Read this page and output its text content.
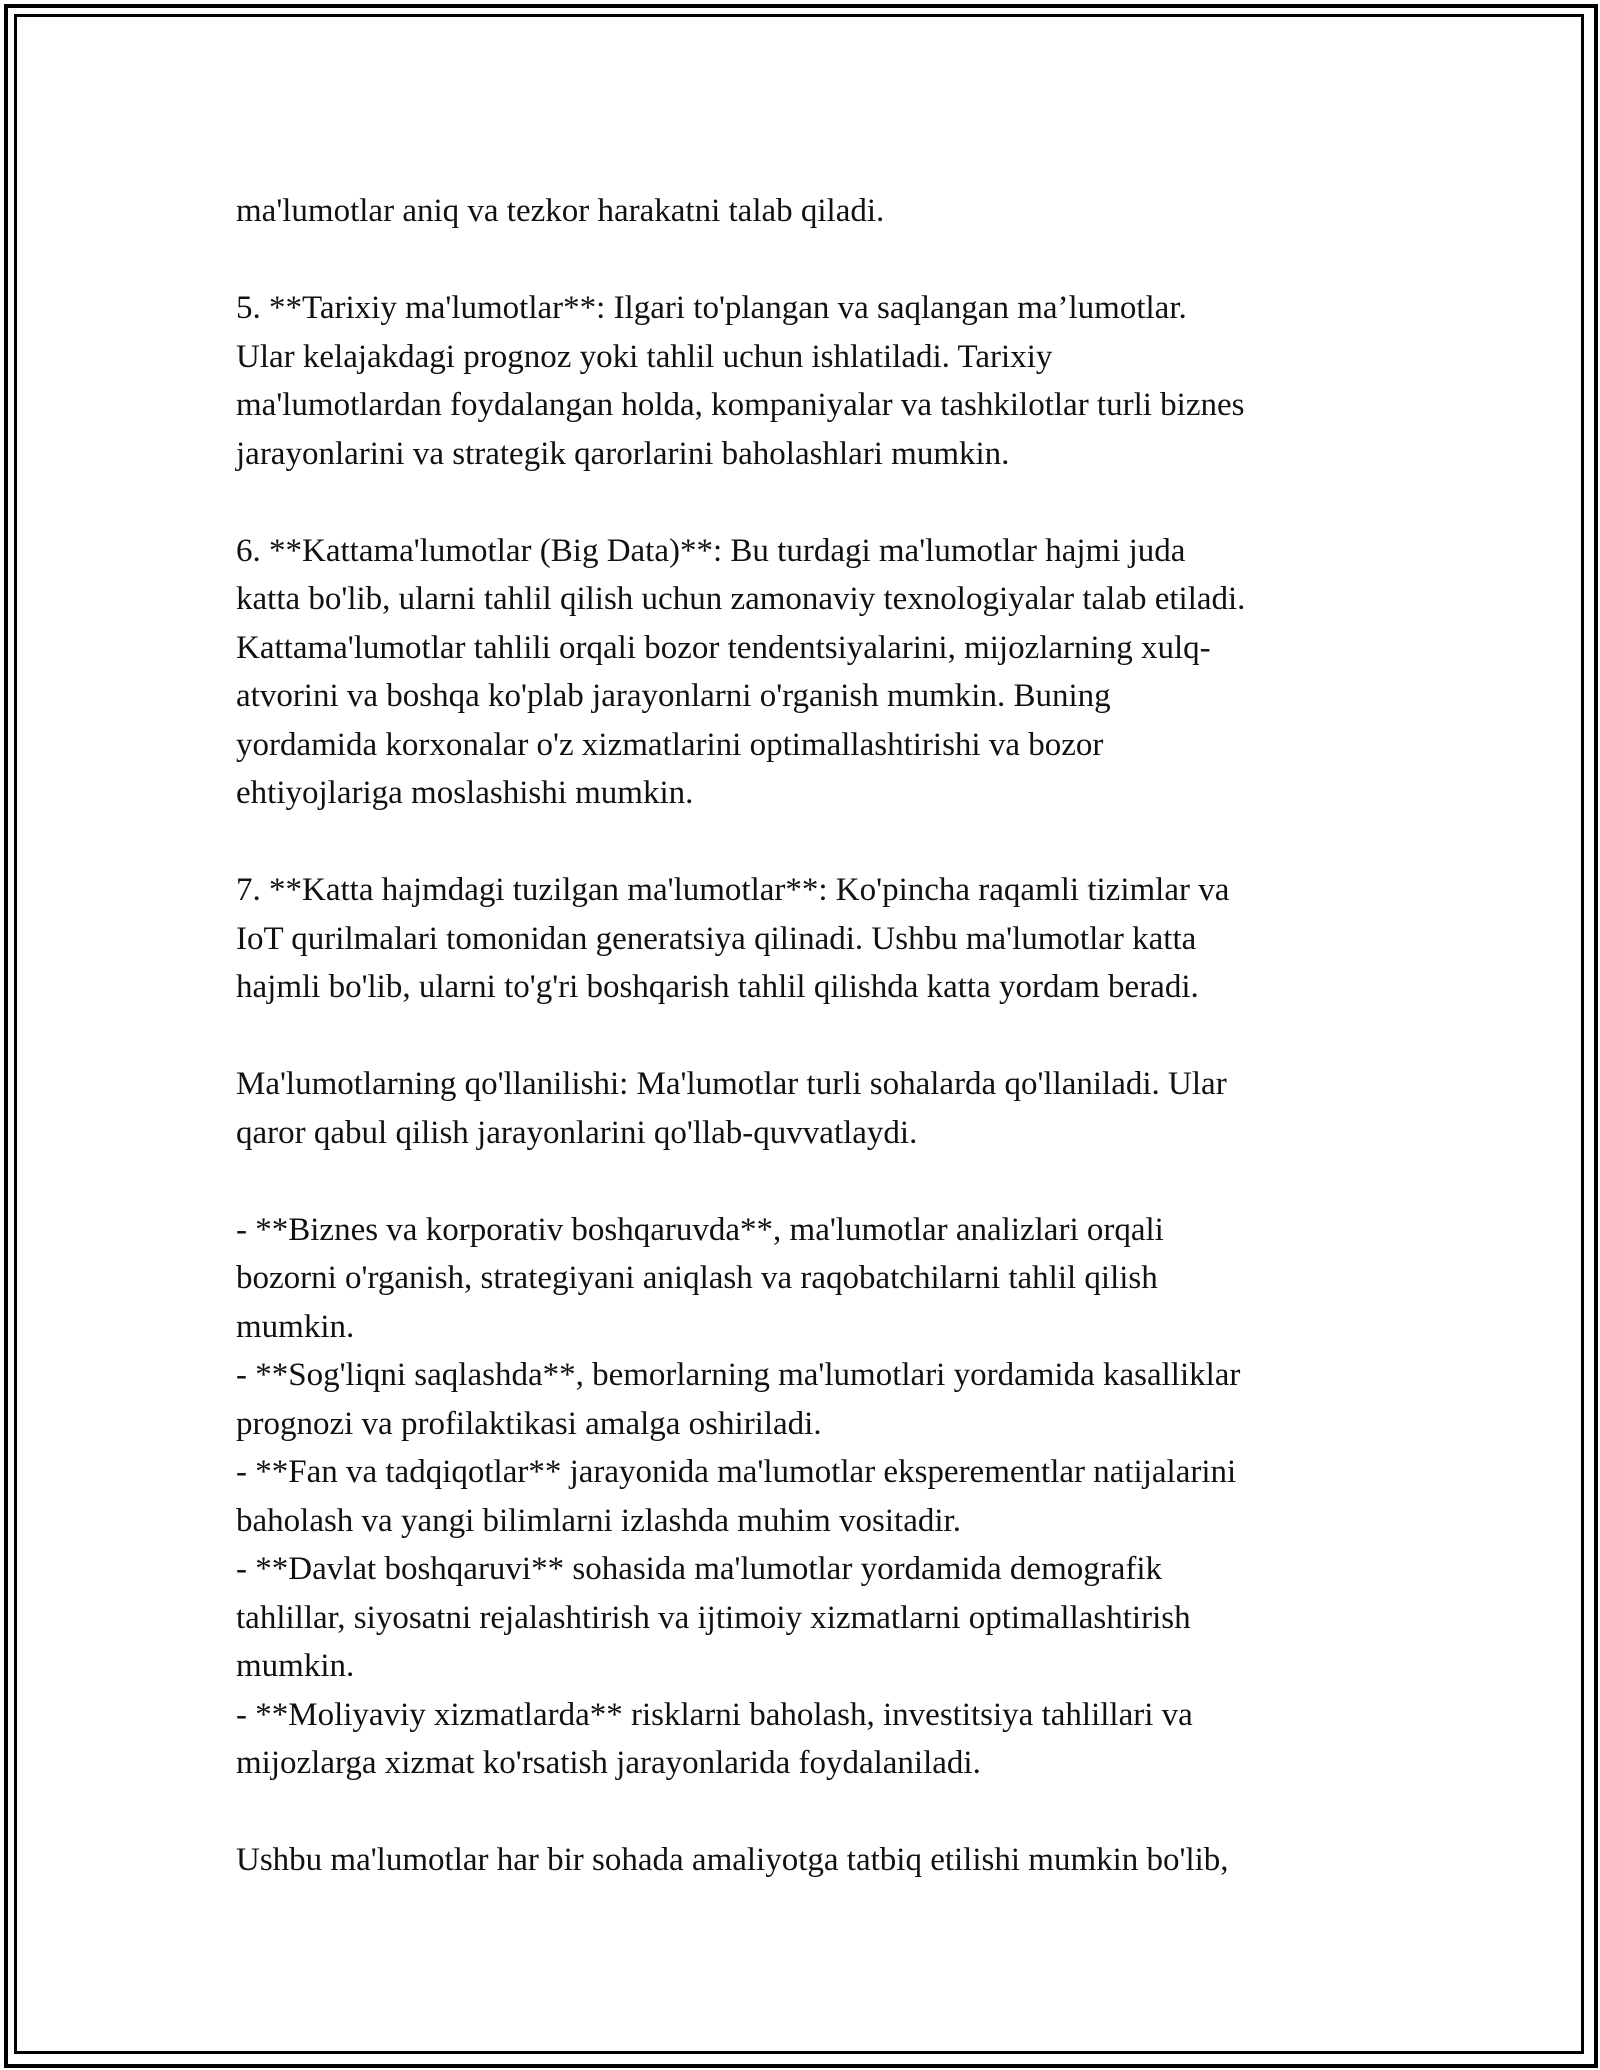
ma'lumotlar aniq va tezkor harakatni talab qiladi.

5. **Tarixiy ma'lumotlar**: Ilgari to'plangan va saqlangan ma’lumotlar.

Ular kelajakdagi prognoz yoki tahlil uchun ishlatiladi. Tarixiy

ma'lumotlardan foydalangan holda, kompaniyalar va tashkilotlar turli biznes

jarayonlarini va strategik qarorlarini baholashlari mumkin.

6. **Kattama'lumotlar (Big Data)**: Bu turdagi ma'lumotlar hajmi juda

katta bo'lib, ularni tahlil qilish uchun zamonaviy texnologiyalar talab etiladi.

Kattama'lumotlar tahlili orqali bozor tendentsiyalarini, mijozlarning xulq-

atvorini va boshqa ko'plab jarayonlarni o'rganish mumkin. Buning

yordamida korxonalar o'z xizmatlarini optimallashtirishi va bozor

ehtiyojlariga moslashishi mumkin.

7. **Katta hajmdagi tuzilgan ma'lumotlar**: Ko'pincha raqamli tizimlar va

IoT qurilmalari tomonidan generatsiya qilinadi. Ushbu ma'lumotlar katta

hajmli bo'lib, ularni to'g'ri boshqarish tahlil qilishda katta yordam beradi.

Ma'lumotlarning qo'llanilishi: Ma'lumotlar turli sohalarda qo'llaniladi. Ular

qaror qabul qilish jarayonlarini qo'llab-quvvatlaydi.

- **Biznes va korporativ boshqaruvda**, ma'lumotlar analizlari orqali

bozorni o'rganish, strategiyani aniqlash va raqobatchilarni tahlil qilish

mumkin.

- **Sog'liqni saqlashda**, bemorlarning ma'lumotlari yordamida kasalliklar

prognozi va profilaktikasi amalga oshiriladi.

- **Fan va tadqiqotlar** jarayonida ma'lumotlar eksperementlar natijalarini

baholash va yangi bilimlarni izlashda muhim vositadir.

- **Davlat boshqaruvi** sohasida ma'lumotlar yordamida demografik

tahlillar, siyosatni rejalashtirish va ijtimoiy xizmatlarni optimallashtirish

mumkin.

- **Moliyaviy xizmatlarda** risklarni baholash, investitsiya tahlillari va

mijozlarga xizmat ko'rsatish jarayonlarida foydalaniladi.

Ushbu ma'lumotlar har bir sohada amaliyotga tatbiq etilishi mumkin bo'lib,
